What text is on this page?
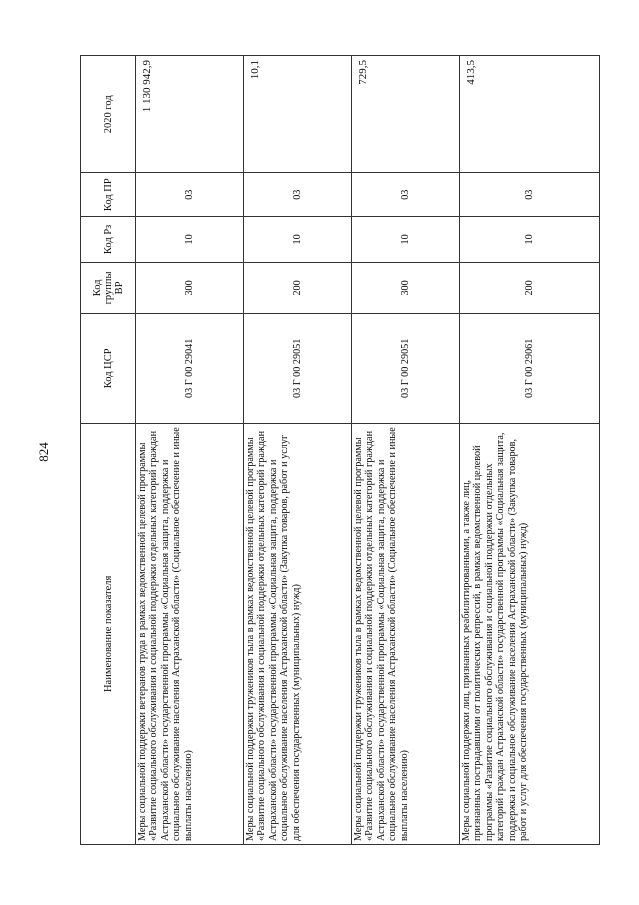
824
Наименование показателя	Код ЦСР	Код группы ВР	Код Рз	Код ПР	2020 год
Меры социальной поддержки ветеранов труда в рамках ведомственной целевой программы «Развитие социального обслуживания и социальной поддержки отдельных категорий граждан Астраханской области» государственной программы «Социальная защита, поддержка и социальное обслуживание населения Астраханской области» (Социальное обеспечение и иные выплаты населению)	03 Г 00 29041	300	10	03	1 130 942,9
Меры социальной поддержки тружеников тыла в рамках ведомственной целевой программы «Развитие социального обслуживания и социальной поддержки отдельных категорий граждан Астраханской области» государственной программы «Социальная защита, поддержка и социальное обслуживание населения Астраханской области» (Закупка товаров, работ и услуг для обеспечения государственных (муниципальных) нужд)	03 Г 00 29051	200	10	03	10,1
Меры социальной поддержки тружеников тыла в рамках ведомственной целевой программы «Развитие социального обслуживания и социальной поддержки отдельных категорий граждан Астраханской области» государственной программы «Социальная защита, поддержка и социальное обслуживание населения Астраханской области» (Социальное обеспечение и иные выплаты населению)	03 Г 00 29051	300	10	03	729,5
Меры социальной поддержки лиц, признанных реабилитированными, а также лиц, признанных пострадавшими от политических репрессий, в рамках ведомственной целевой программы «Развитие социального обслуживания и социальной поддержки отдельных категорий граждан Астраханской области» государственной программы «Социальная защита, поддержка и социальное обслуживание населения Астраханской области» (Закупка товаров, работ и услуг для обеспечения государственных (муниципальных) нужд)	03 Г 00 29061	200	10	03	413,5
